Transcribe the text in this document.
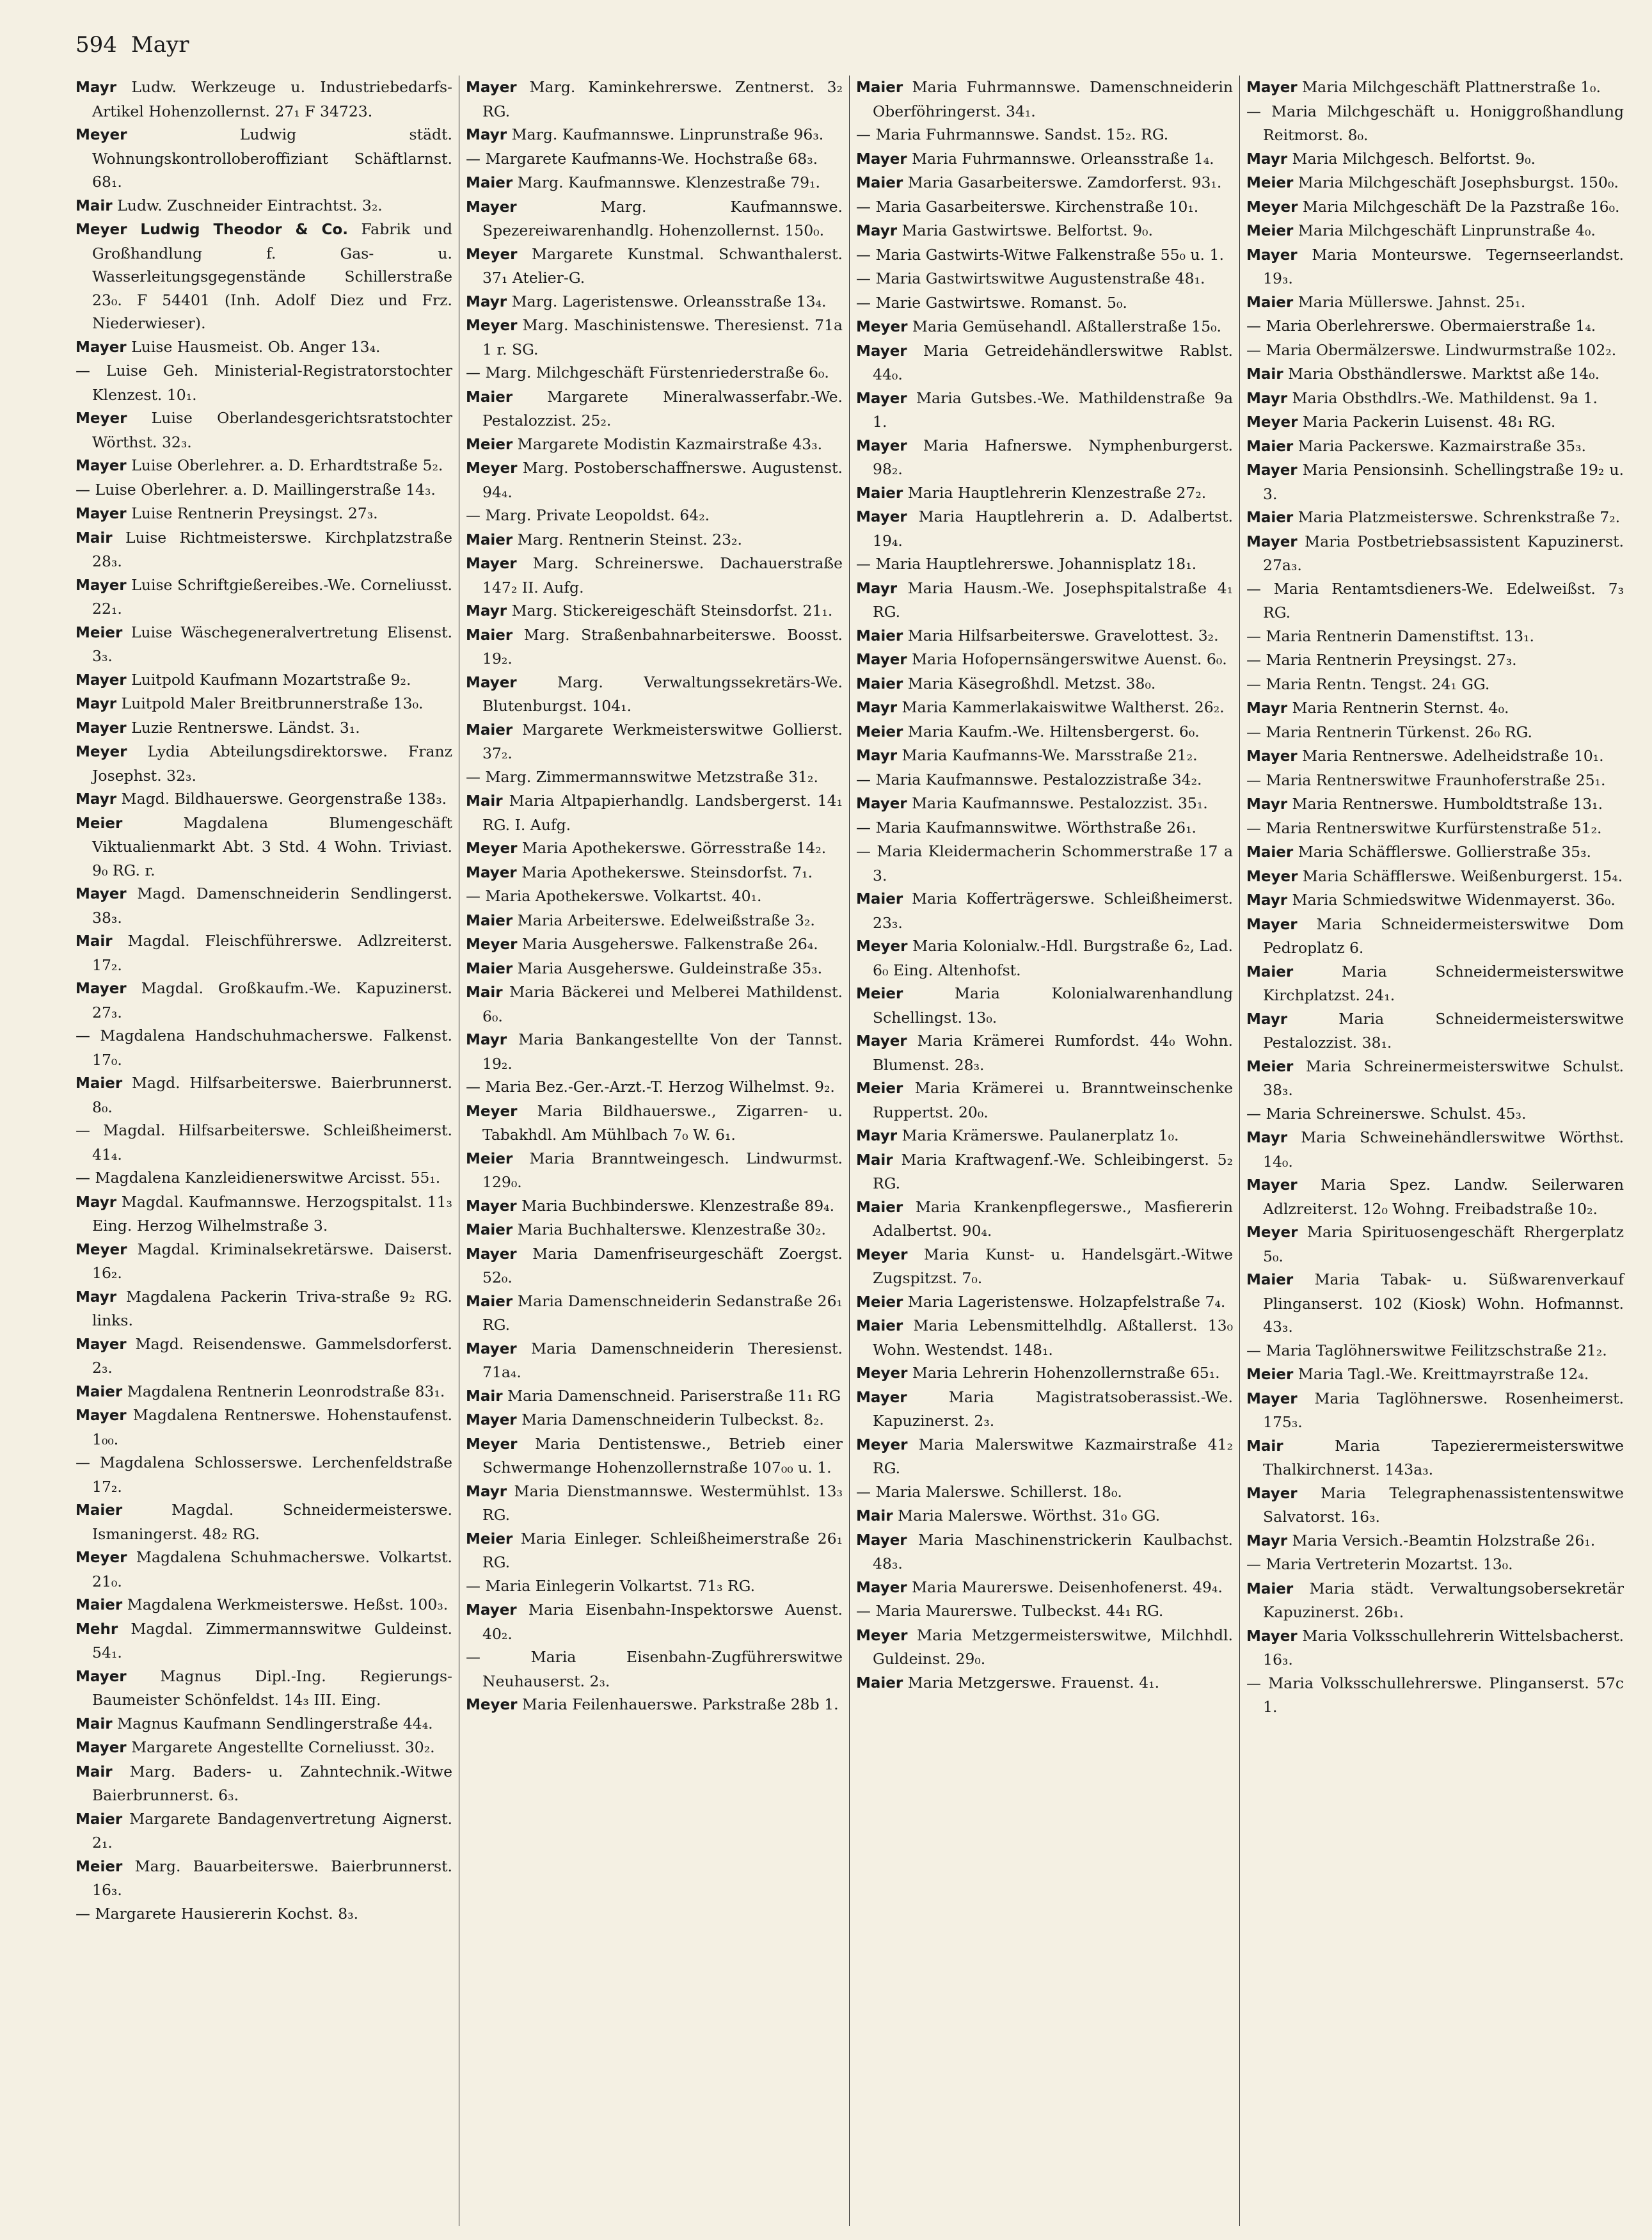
594 Mayr
Mayr Ludw. Werkzeuge u. Industriebedarfs-Artikel Hohenzollernst. 27₁ F 34723.
Meyer	Ludwig städt. Wohnungskontrolloberoffiziant Schäftlarnst. 68₁.
Mair Ludw. Zuschneider Eintrachtst. 3₂.
Meyer Ludwig Theodor & Co. Fabrik und Großhandlung f. Gas- u. Wasserleitungsgegenstände Schillerstraße 23₀. F 54401 (Inh. Adolf Diez und Frz. Niederwieser).
Mayer Luise Hausmeist. Ob. Anger 13₄.
— Luise Geh. Ministerial-Registratorstochter Klenzest. 10₁.
Meyer Luise Oberlandesgerichtsratstochter Wörthst. 32₃.
Mayer Luise Oberlehrer. a. D. Erhardtstraße 5₂.
— Luise Oberlehrer. a. D. Maillingerstraße 14₃.
Mayer Luise Rentnerin Preysingst. 27₃.
Mair Luise Richtmeisterswe. Kirchplatzstraße 28₃.
Mayer Luise Schriftgießereibes.-We. Corneliusst. 22₁.
Meier Luise Wäschegeneralvertretung Elisenst. 3₃.
Mayer Luitpold Kaufmann Mozartstraße 9₂.
Mayr Luitpold Maler Breitbrunnerstraße 13₀.
Mayer Luzie Rentnerswe. Ländst. 3₁.
Meyer Lydia Abteilungsdirektorswe. Franz Josephst. 32₃.
Mayr Magd. Bildhauerswe. Georgenstraße 138₃.
Meier	Magdalena Blumengeschäft Viktualienmarkt Abt. 3 Std. 4 Wohn. Triviast. 9₀ RG. r.
Mayer Magd. Damenschneiderin Sendlingerst. 38₃.
Mair Magdal. Fleischführerswe. Adlzreiterst. 17₂.
Mayer Magdal. Großkaufm.-We. Kapuzinerst. 27₃.
— Magdalena Handschuhmacherswe. Falkenst. 17₀.
Maier Magd. Hilfsarbeiterswe. Baierbrunnerst. 8₀.
— Magdal. Hilfsarbeiterswe. Schleißheimerst. 41₄.
— Magdalena Kanzleidienerswitwe Arcisst. 55₁.
Mayr Magdal. Kaufmannswe. Herzogspitalst. 11₃ Eing. Herzog Wilhelmstraße 3.
Meyer Magdal. Kriminalsekretärswe. Daiserst. 16₂.
Mayr Magdalena Packerin Triva-straße 9₂ RG. links.
Mayer Magd. Reisendenswe. Gammelsdorferst. 2₃.
Maier Magdalena Rentnerin Leonrodstraße 83₁.
Mayer Magdalena Rentnerswe. Hohenstaufenst. 1₀₀.
— Magdalena Schlosserswe. Lerchenfeldstraße 17₂.
Maier	Magdal. Schneidermeisterswe. Ismaningerst. 48₂ RG.
Meyer Magdalena Schuhmacherswe. Volkartst. 21₀.
Maier Magdalena Werkmeisterswe. Heßst. 100₃.
Mehr Magdal. Zimmermannswitwe Guldeinst. 54₁.
Mayer Magnus Dipl.-Ing. Regierungs-Baumeister Schönfeldst. 14₃ III. Eing.
Mair Magnus Kaufmann Sendlingerstraße 44₄.
Mayer Margarete Angestellte Corneliusst. 30₂.
Mair Marg. Baders- u. Zahntechnik.-Witwe Baierbrunnerst. 6₃.
Maier Margarete Bandagenvertretung Aignerst. 2₁.
Meier Marg. Bauarbeiterswe. Baierbrunnerst. 16₃.
— Margarete Hausiererin Kochst. 8₃.
Mayer Marg. Kaminkehrerswe. Zentnerst. 3₂ RG.
Mayr Marg. Kaufmannswe. Linprunstraße 96₃.
— Margarete Kaufmanns-We. Hochstraße 68₃.
Maier Marg. Kaufmannswe. Klenzestraße 79₁.
Mayer	Marg. Kaufmannswe. Spezereiwarenhandlg. Hohenzollernst. 150₀.
Meyer Margarete Kunstmal. Schwanthalerst. 37₁ Atelier-G.
Mayr Marg. Lageristenswe. Orleansstraße 13₄.
Meyer Marg. Maschinistenswe. Theresienst. 71a 1 r. SG.
— Marg. Milchgeschäft Fürstenriederstraße 6₀.
Maier Margarete Mineralwasserfabr.-We. Pestalozzist. 25₂.
Meier Margarete Modistin Kazmairstraße 43₃.
Meyer Marg. Postoberschaffnerswe. Augustenst. 94₄.
— Marg. Private Leopoldst. 64₂.
Maier Marg. Rentnerin Steinst. 23₂.
Mayer Marg. Schreinerswe. Dachauerstraße 147₂ II. Aufg.
Mayr Marg. Stickereigeschäft Steinsdorfst. 21₁.
Maier Marg. Straßenbahnarbeiterswe. Boosst. 19₂.
Mayer	Marg. Verwaltungssekretärs-We. Blutenburgst. 104₁.
Maier Margarete Werkmeisterswitwe Gollierst. 37₂.
— Marg. Zimmermannswitwe Metzstraße 31₂.
Mair Maria Altpapierhandlg. Landsbergerst. 14₁ RG. I. Aufg.
Meyer Maria Apothekerswe. Görresstraße 14₂.
Mayer Maria Apothekerswe. Steinsdorfst. 7₁.
— Maria Apothekerswe. Volkartst. 40₁.
Maier Maria Arbeiterswe. Edelweißstraße 3₂.
Meyer Maria Ausgeherswe. Falkenstraße 26₄.
Maier Maria Ausgeherswe. Guldeinstraße 35₃.
Mair Maria Bäckerei und Melberei Mathildenst. 6₀.
Mayr Maria Bankangestellte Von der Tannst. 19₂.
— Maria Bez.-Ger.-Arzt.-T. Herzog Wilhelmst. 9₂.
Meyer Maria Bildhauerswe., Zigarren- u. Tabakhdl. Am Mühlbach 7₀ W. 6₁.
Meier Maria Branntweingesch. Lindwurmst. 129₀.
Mayer Maria Buchbinderswe. Klenzestraße 89₄.
Maier Maria Buchhalterswe. Klenzestraße 30₂.
Mayer Maria Damenfriseurgeschäft Zoergst. 52₀.
Maier Maria Damenschneiderin Sedanstraße 26₁ RG.
Mayer Maria Damenschneiderin Theresienst. 71a₄.
Mair Maria Damenschneid. Pariserstraße 11₁ RG
Mayer Maria Damenschneiderin Tulbeckst. 8₂.
Meyer Maria Dentistenswe., Betrieb einer Schwermange Hohenzollernstraße 107₀₀ u. 1.
Mayr Maria Dienstmannswe. Westermühlst. 13₃ RG.
Meier Maria Einleger. Schleißheimerstraße 26₁ RG.
— Maria Einlegerin Volkartst. 71₃ RG.
Mayer Maria Eisenbahn-Inspektorswe Auenst. 40₂.
—	Maria Eisenbahn-Zugführerswitwe Neuhauserst. 2₃.
Meyer Maria Feilenhauerswe. Parkstraße 28b 1.
Maier Maria Fuhrmannswe. Damenschneiderin Oberföhringerst. 34₁.
— Maria Fuhrmannswe. Sandst. 15₂. RG.
Mayer Maria Fuhrmannswe. Orleansstraße 1₄.
Maier Maria Gasarbeiterswe. Zamdorferst. 93₁.
— Maria Gasarbeiterswe. Kirchenstraße 10₁.
Mayr Maria Gastwirtswe. Belfortst. 9₀.
— Maria Gastwirts-Witwe Falkenstraße 55₀ u. 1.
— Maria Gastwirtswitwe Augustenstraße 48₁.
— Marie Gastwirtswe. Romanst. 5₀.
Meyer Maria Gemüsehandl. Aßtallerstraße 15₀.
Mayer Maria Getreidehändlerswitwe Rablst. 44₀.
Mayer Maria Gutsbes.-We. Mathildenstraße 9a 1.
Mayer Maria Hafnerswe. Nymphenburgerst. 98₂.
Maier Maria Hauptlehrerin Klenzestraße 27₂.
Mayer Maria Hauptlehrerin a. D. Adalbertst. 19₄.
— Maria Hauptlehrerswe. Johannisplatz 18₁.
Mayr Maria Hausm.-We. Josephspitalstraße 4₁ RG.
Maier Maria Hilfsarbeiterswe. Gravelottest. 3₂.
Mayer Maria Hofopernsängerswitwe Auenst. 6₀.
Maier Maria Käsegroßhdl. Metzst. 38₀.
Mayr Maria Kammerlakaiswitwe Waltherst. 26₂.
Meier Maria Kaufm.-We. Hiltensbergerst. 6₀.
Mayr Maria Kaufmanns-We. Marsstraße 21₂.
— Maria Kaufmannswe. Pestalozzistraße 34₂.
Mayer Maria Kaufmannswe. Pestalozzist. 35₁.
— Maria Kaufmannswitwe. Wörthstraße 26₁.
— Maria Kleidermacherin Schommerstraße 17 a 3.
Maier Maria Kofferträgerswe. Schleißheimerst. 23₃.
Meyer Maria Kolonialw.-Hdl. Burgstraße 6₂, Lad. 6₀ Eing. Altenhofst.
Meier	Maria Kolonialwarenhandlung Schellingst. 13₀.
Mayer Maria Krämerei Rumfordst. 44₀ Wohn. Blumenst. 28₃.
Meier Maria Krämerei u. Branntweinschenke Ruppertst. 20₀.
Mayr Maria Krämerswe. Paulanerplatz 1₀.
Mair Maria Kraftwagenf.-We. Schleibingerst. 5₂ RG.
Maier Maria Krankenpflegerswe., Masfiererin Adalbertst. 90₄.
Meyer Maria Kunst- u. Handelsgärt.-Witwe Zugspitzst. 7₀.
Meier Maria Lageristenswe. Holzapfelstraße 7₄.
Maier Maria Lebensmittelhdlg. Aßtallerst. 13₀ Wohn. Westendst. 148₁.
Meyer Maria Lehrerin Hohenzollernstraße 65₁.
Mayer	Maria Magistratsoberassist.-We. Kapuzinerst. 2₃.
Meyer Maria Malerswitwe Kazmairstraße 41₂ RG.
— Maria Malerswe. Schillerst. 18₀.
Mair Maria Malerswe. Wörthst. 31₀ GG.
Mayer Maria Maschinenstrickerin Kaulbachst. 48₃.
Mayer Maria Maurerswe. Deisenhofenerst. 49₄.
— Maria Maurerswe. Tulbeckst. 44₁ RG.
Meyer Maria Metzgermeisterswitwe, Milchhdl. Guldeinst. 29₀.
Maier Maria Metzgerswe. Frauenst. 4₁.
Mayer Maria Milchgeschäft Plattnerstraße 1₀.
— Maria Milchgeschäft u. Honiggroßhandlung Reitmorst. 8₀.
Mayr Maria Milchgesch. Belfortst. 9₀.
Meier Maria Milchgeschäft Josephsburgst. 150₀.
Meyer Maria Milchgeschäft De la Pazstraße 16₀.
Meier Maria Milchgeschäft Linprunstraße 4₀.
Mayer Maria Monteurswe. Tegernseerlandst. 19₃.
Maier Maria Müllerswe. Jahnst. 25₁.
— Maria Oberlehrerswe. Obermaierstraße 1₄.
— Maria Obermälzerswe. Lindwurmstraße 102₂.
Mair Maria Obsthändlerswe. Marktst aße 14₀.
Mayr Maria Obsthdlrs.-We. Mathildenst. 9a 1.
Meyer Maria Packerin Luisenst. 48₁ RG.
Maier Maria Packerswe. Kazmairstraße 35₃.
Mayer Maria Pensionsinh. Schellingstraße 19₂ u. 3.
Maier Maria Platzmeisterswe. Schrenkstraße 7₂.
Mayer Maria Postbetriebsassistent Kapuzinerst. 27a₃.
— Maria Rentamtsdieners-We. Edelweißst. 7₃ RG.
— Maria Rentnerin Damenstiftst. 13₁.
— Maria Rentnerin Preysingst. 27₃.
— Maria Rentn. Tengst. 24₁ GG.
Mayr Maria Rentnerin Sternst. 4₀.
— Maria Rentnerin Türkenst. 26₀ RG.
Mayer Maria Rentnerswe. Adelheidstraße 10₁.
— Maria Rentnerswitwe Fraunhoferstraße 25₁.
Mayr Maria Rentnerswe. Humboldtstraße 13₁.
— Maria Rentnerswitwe Kurfürstenstraße 51₂.
Maier Maria Schäfflerswe. Gollierstraße 35₃.
Meyer Maria Schäfflerswe. Weißenburgerst. 15₄.
Mayr Maria Schmiedswitwe Widenmayerst. 36₀.
Mayer Maria Schneidermeisterswitwe Dom Pedroplatz 6.
Maier	Maria Schneidermeisterswitwe Kirchplatzst. 24₁.
Mayr	Maria Schneidermeisterswitwe Pestalozzist. 38₁.
Meier Maria Schreinermeisterswitwe Schulst. 38₃.
— Maria Schreinerswe. Schulst. 45₃.
Mayr Maria Schweinehändlerswitwe Wörthst. 14₀.
Mayer Maria Spez. Landw. Seilerwaren Adlzreiterst. 12₀ Wohng. Freibadstraße 10₂.
Meyer Maria Spirituosengeschäft Rhergerplatz 5₀.
Maier Maria Tabak- u. Süßwarenverkauf Plinganserst. 102 (Kiosk) Wohn. Hofmannst. 43₃.
— Maria Taglöhnerswitwe Feilitzschstraße 21₂.
Meier Maria Tagl.-We. Kreittmayrstraße 12₄.
Mayer Maria Taglöhnerswe. Rosenheimerst. 175₃.
Mair	Maria Tapezierermeisterswitwe Thalkirchnerst. 143a₃.
Mayer Maria Telegraphenassistentenswitwe Salvatorst. 16₃.
Mayr Maria Versich.-Beamtin Holzstraße 26₁.
— Maria Vertreterin Mozartst. 13₀.
Maier Maria städt. Verwaltungsobersekretär Kapuzinerst. 26b₁.
Mayer Maria Volksschullehrerin Wittelsbacherst. 16₃.
— Maria Volksschullehrerswe. Plinganserst. 57c 1.
